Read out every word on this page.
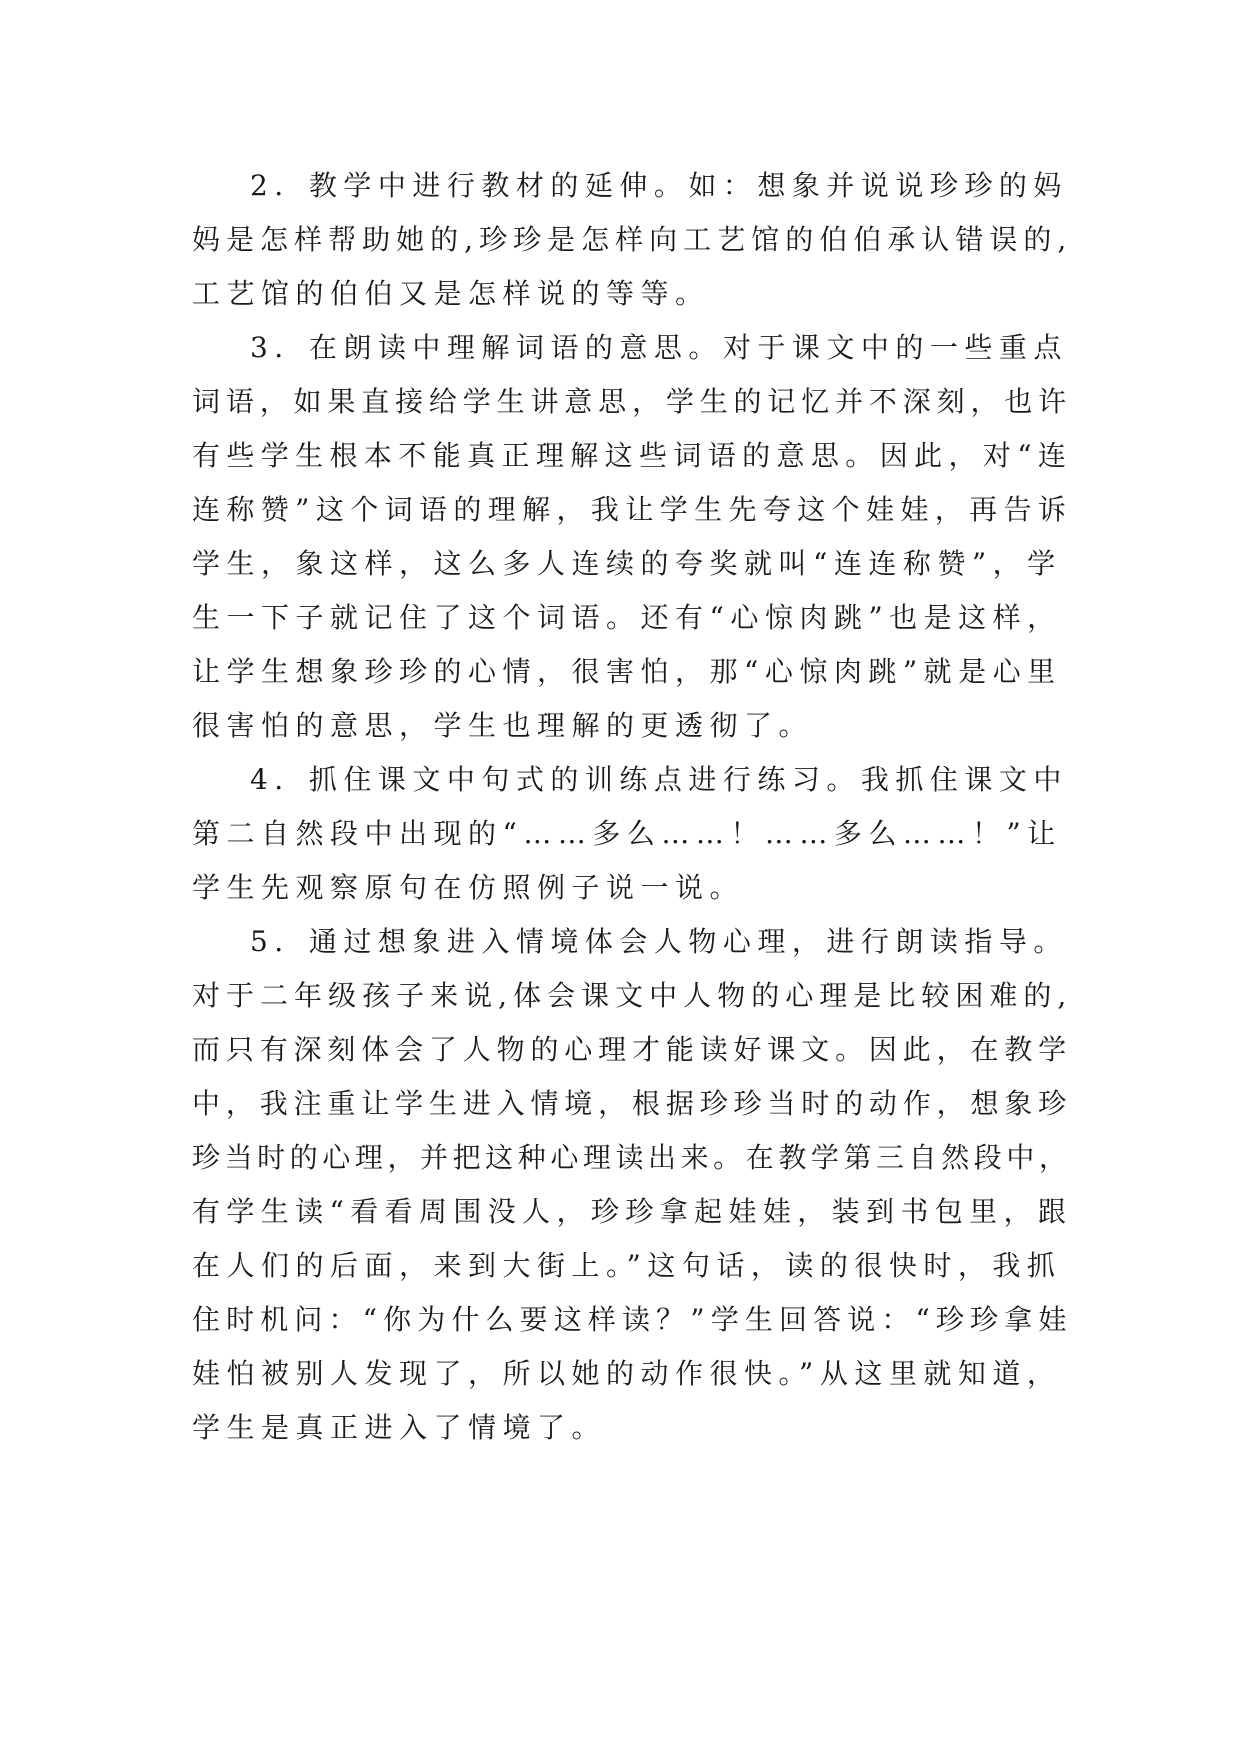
2．教学中进行教材的延伸。如：想象并说说珍珍的妈
妈是怎样帮助她的,珍珍是怎样向工艺馆的伯伯承认错误的,
工艺馆的伯伯又是怎样说的等等。
3．在朗读中理解词语的意思。对于课文中的一些重点
词语，如果直接给学生讲意思，学生的记忆并不深刻，也许
有些学生根本不能真正理解这些词语的意思。因此，对“连
连称赞”这个词语的理解，我让学生先夸这个娃娃，再告诉
学生，象这样，这么多人连续的夸奖就叫“连连称赞”，学
生一下子就记住了这个词语。还有“心惊肉跳”也是这样，
让学生想象珍珍的心情，很害怕，那“心惊肉跳”就是心里
很害怕的意思，学生也理解的更透彻了。
4．抓住课文中句式的训练点进行练习。我抓住课文中
第二自然段中出现的“……多么……！……多么……！”让
学生先观察原句在仿照例子说一说。
5．通过想象进入情境体会人物心理，进行朗读指导。
对于二年级孩子来说,体会课文中人物的心理是比较困难的,
而只有深刻体会了人物的心理才能读好课文。因此，在教学
中，我注重让学生进入情境，根据珍珍当时的动作，想象珍
珍当时的心理，并把这种心理读出来。在教学第三自然段中，
有学生读“看看周围没人，珍珍拿起娃娃，装到书包里，跟
在人们的后面，来到大街上。”这句话，读的很快时，我抓
住时机问：“你为什么要这样读？”学生回答说：“珍珍拿娃
娃怕被别人发现了，所以她的动作很快。”从这里就知道，
学生是真正进入了情境了。
